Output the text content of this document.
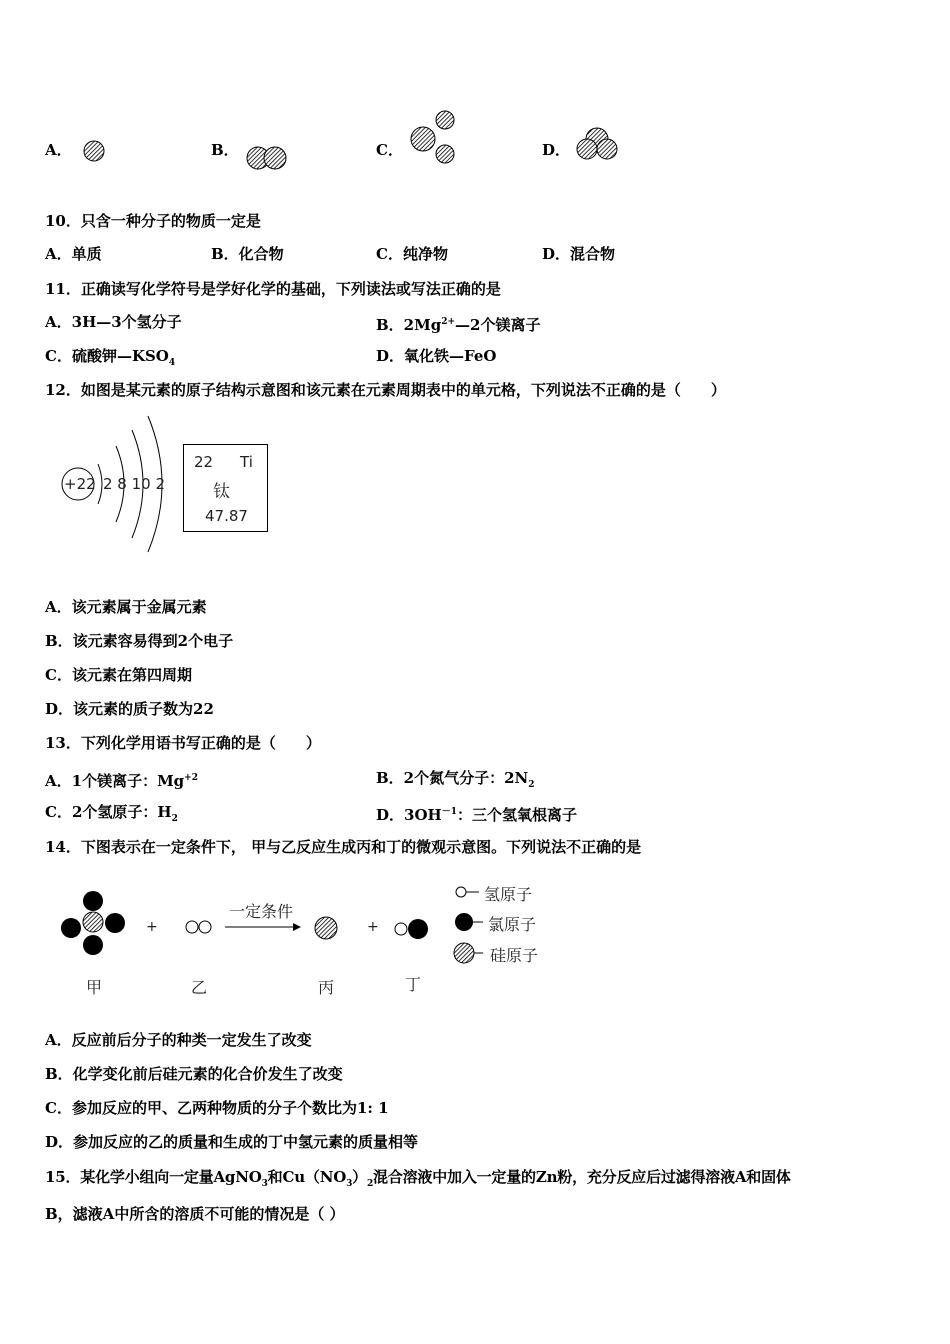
A．	B．	C．	D．
10．只含一种分子的物质一定是
A．单质	B．化合物	C．纯净物	D．混合物
11．正确读写化学符号是学好化学的基础，下列读法或写法正确的是
A．3H—3个氢分子	B．$2Mg^{2+}—2$个镁离子
C．硫酸钾$—KSO_4$	D．氧化铁—FeO
12．如图是某元素的原子结构示意图和该元素在元素周期表中的单元格，下列说法不正确的是（　　）
+22 2 8 10 2
22 Ti
钛
47.87
A．该元素属于金属元素
B．该元素容易得到2个电子
C．该元素在第四周期
D．该元素的质子数为22
13．下列化学用语书写正确的是（　　）
A．1个镁离子：$Mg^{+2}$	B．2个氮气分子：$2N_2$
C．2个氢原子：$H_2$	D．$3OH^{-1}$：三个氢氧根离子
14．下图表示在一定条件下， 甲与乙反应生成丙和丁的微观示意图。下列说法不正确的是
+	+
一定条件
甲	乙	丙	丁
氢原子
氯原子
硅原子
A．反应前后分子的种类一定发生了改变
B．化学变化前后硅元素的化合价发生了改变
C．参加反应的甲、乙两种物质的分子个数比为1: 1
D．参加反应的乙的质量和生成的丁中氢元素的质量相等
15．某化学小组向一定量AgNO$_3$和$Cu(NO_3)_2$混合溶液中加入一定量的Zn粉，充分反应后过滤得溶液A和固体
B，滤液A中所含的溶质不可能的情况是（ ）
